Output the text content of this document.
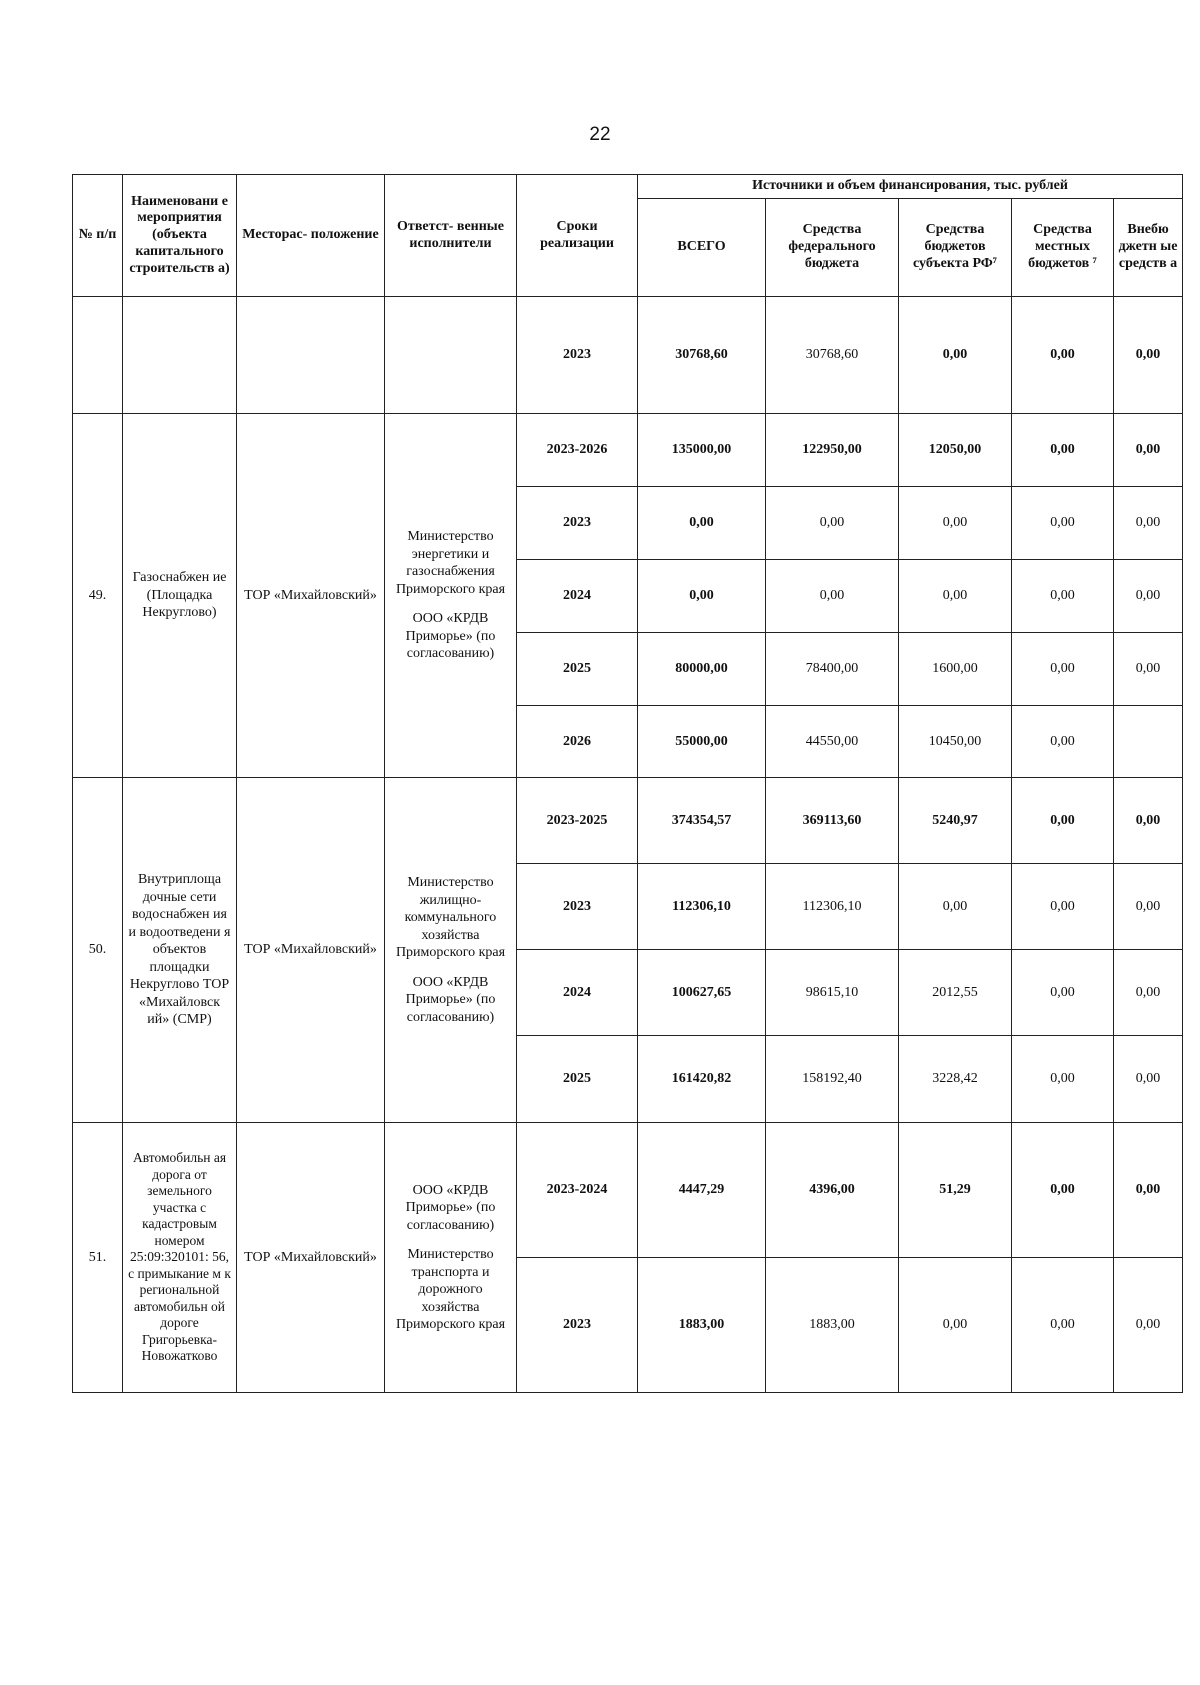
22
№ п/п	Наименовани е мероприятия (объекта капитального строительств а)	Месторас- положение	Ответст- венные исполнители	Сроки реализации	Источники и объем финансирования, тыс. рублей				
					ВСЕГО	Средства федерального бюджета	Средства бюджетов субъекта РФ⁷	Средства местных бюджетов ⁷	Внебю джетн ые средств а
				2023	30768,60	30768,60	0,00	0,00	0,00
49.	Газоснабжен ие (Площадка Некруглово)	ТОР «Михайловский»	Министерство энергетики и газоснабжения Приморского края
ООО «КРДВ Приморье» (по согласованию)	2023-2026	135000,00	122950,00	12050,00	0,00	0,00
				2023	0,00	0,00	0,00	0,00	0,00
				2024	0,00	0,00	0,00	0,00	0,00
				2025	80000,00	78400,00	1600,00	0,00	0,00
				2026	55000,00	44550,00	10450,00	0,00	
50.	Внутриплоща дочные сети водоснабжен ия и водоотведени я объектов площадки Некруглово ТОР «Михайловск ий» (СМР)	ТОР «Михайловский»	Министерство жилищно- коммунального хозяйства Приморского края
ООО «КРДВ Приморье» (по согласованию)	2023-2025	374354,57	369113,60	5240,97	0,00	0,00
				2023	112306,10	112306,10	0,00	0,00	0,00
				2024	100627,65	98615,10	2012,55	0,00	0,00
				2025	161420,82	158192,40	3228,42	0,00	0,00
51.	Автомобильн ая дорога от земельного участка с кадастровым номером 25:09:320101: 56, с примыкание м к региональной автомобильн ой дороге Григорьевка- Новожатково	ТОР «Михайловский»	ООО «КРДВ Приморье» (по согласованию)
Министерство транспорта и дорожного хозяйства Приморского края	2023-2024	4447,29	4396,00	51,29	0,00	0,00
				2023	1883,00	1883,00	0,00	0,00	0,00
